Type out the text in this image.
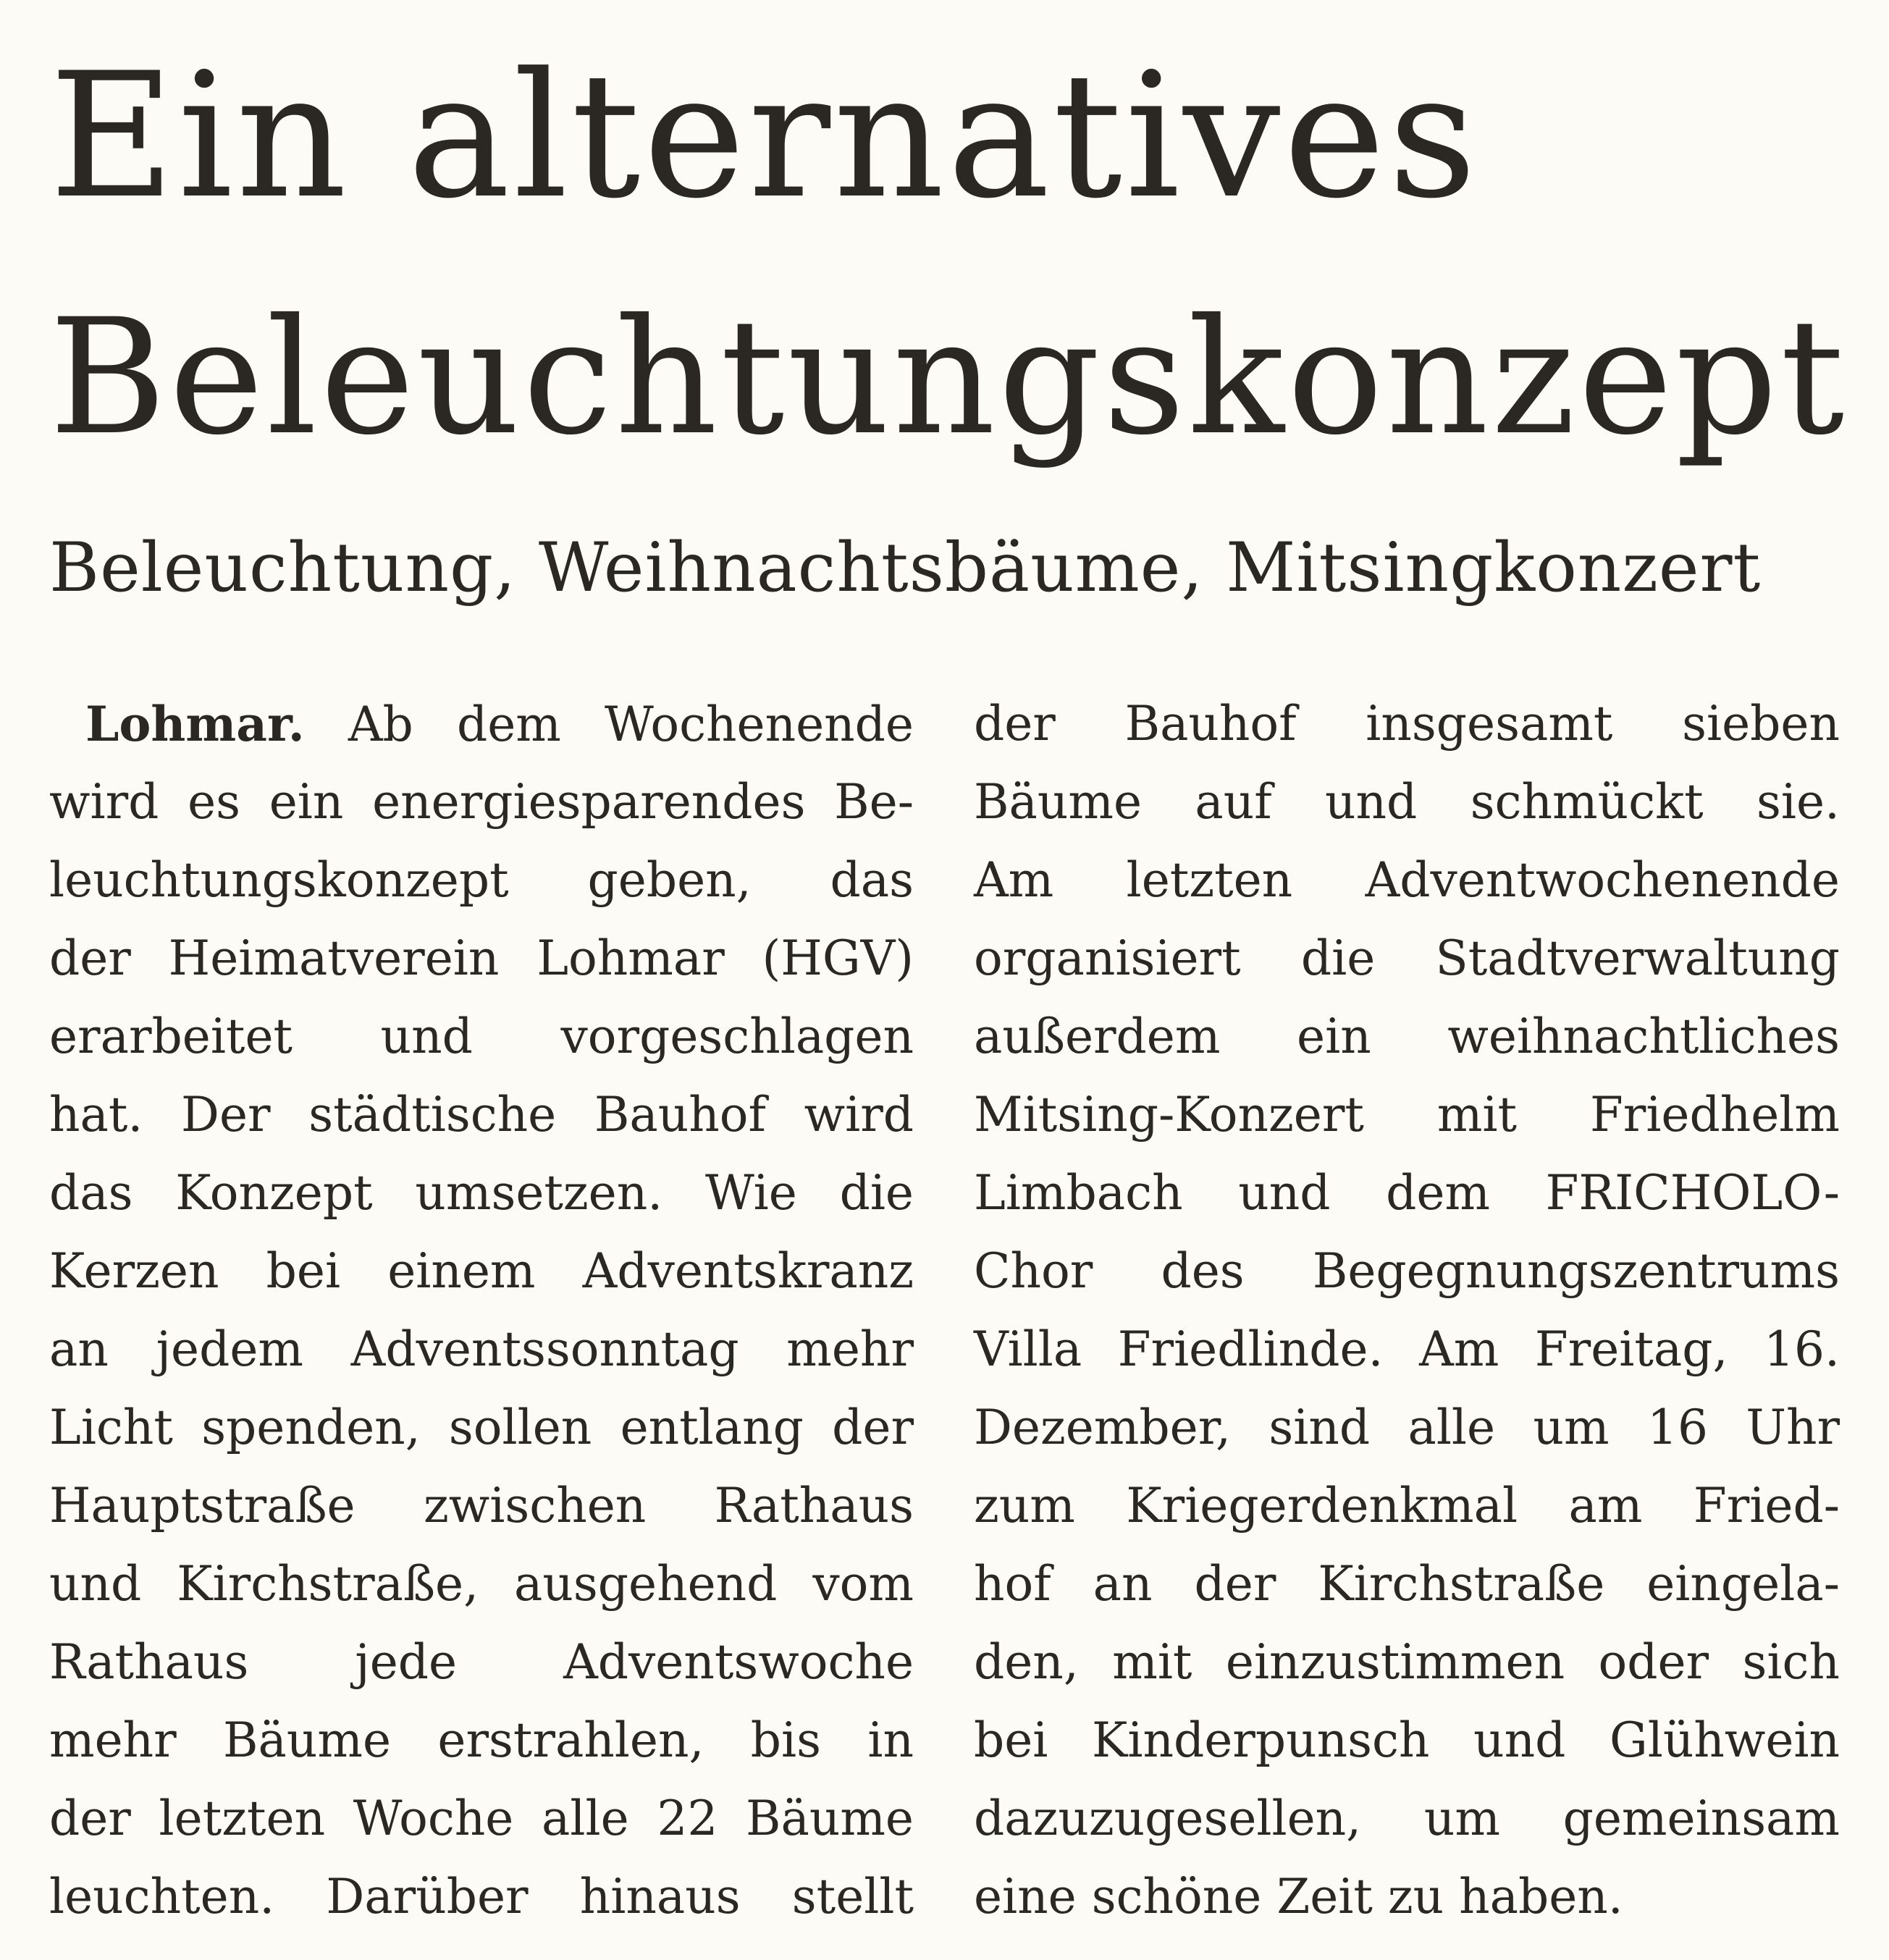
Ein alternatives
Beleuchtungskonzept
Beleuchtung, Weihnachtsbäume, Mitsingkonzert
Lohmar. Ab dem Wochenende
wird es ein energiesparendes Be-
leuchtungskonzept geben, das
der Heimatverein Lohmar (HGV)
erarbeitet und vorgeschlagen
hat. Der städtische Bauhof wird
das Konzept umsetzen. Wie die
Kerzen bei einem Adventskranz
an jedem Adventssonntag mehr
Licht spenden, sollen entlang der
Hauptstraße zwischen Rathaus
und Kirchstraße, ausgehend vom
Rathaus jede Adventswoche
mehr Bäume erstrahlen, bis in
der letzten Woche alle 22 Bäume
leuchten. Darüber hinaus stellt
der Bauhof insgesamt sieben
Bäume auf und schmückt sie.
Am letzten Adventwochenende
organisiert die Stadtverwaltung
außerdem ein weihnachtliches
Mitsing-Konzert mit Friedhelm
Limbach und dem FRICHOLO-
Chor des Begegnungszentrums
Villa Friedlinde. Am Freitag, 16.
Dezember, sind alle um 16 Uhr
zum Kriegerdenkmal am Fried-
hof an der Kirchstraße eingela-
den, mit einzustimmen oder sich
bei Kinderpunsch und Glühwein
dazuzugesellen, um gemeinsam
eine schöne Zeit zu haben.
